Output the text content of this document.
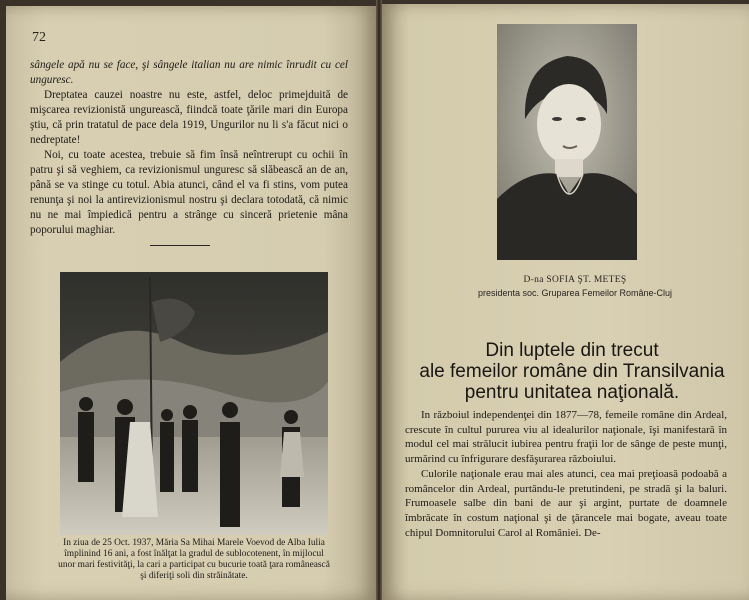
72

sângele apă nu se face, şi sângele italian nu are nimic înrudit cu cel unguresc.

Dreptatea cauzei noastre nu este, astfel, deloc primejduită de mişcarea revizionistă ungurească, fiindcă toate ţările mari din Europa ştiu, că prin tratatul de pace dela 1919, Ungurilor nu li s'a făcut nici o nedreptate!

Noi, cu toate acestea, trebuie să fim însă neîntrerupt cu ochii în patru şi să veghiem, ca revizionismul unguresc să slăbească an de an, până se va stinge cu totul. Abia atunci, când el va fi stins, vom putea renunţa şi noi la antirevizionismul nostru şi declara totodată, că nimic nu ne mai împiedică pentru a strânge cu sinceră prietenie mâna poporului maghiar.

In ziua de 25 Oct. 1937, Măria Sa Mihai Marele Voevod de Alba Iulia împlinind 16 ani, a fost înălţat la gradul de sublocotenent, în mijlocul unor mari festivităţi, la cari a participat cu bucurie toată ţara românească şi diferiţi soli din străinătate.
D-na SOFIA ŞT. METEŞ
presidenta soc. Gruparea Femeilor Române-Cluj
Din luptele din trecut
ale femeilor române din Transilvania
pentru unitatea naţională.

In războiul independenţei din 1877—78, femeile române din Ardeal, crescute în cultul pururea viu al idealurilor naţionale, îşi manifestară în modul cel mai strălucit iubirea pentru fraţii lor de sânge de peste munţi, urmărind cu înfrigurare desfăşurarea războiului.

Culorile naţionale erau mai ales atunci, cea mai preţioasă podoabă a româncelor din Ardeal, purtându-le pretutindeni, pe stradă şi la baluri. Frumoasele salbe din bani de aur şi argint, purtate de doamnele îmbrăcate în costum naţional şi de ţărancele mai bogate, aveau toate chipul Domnitorului Carol al României. De-
